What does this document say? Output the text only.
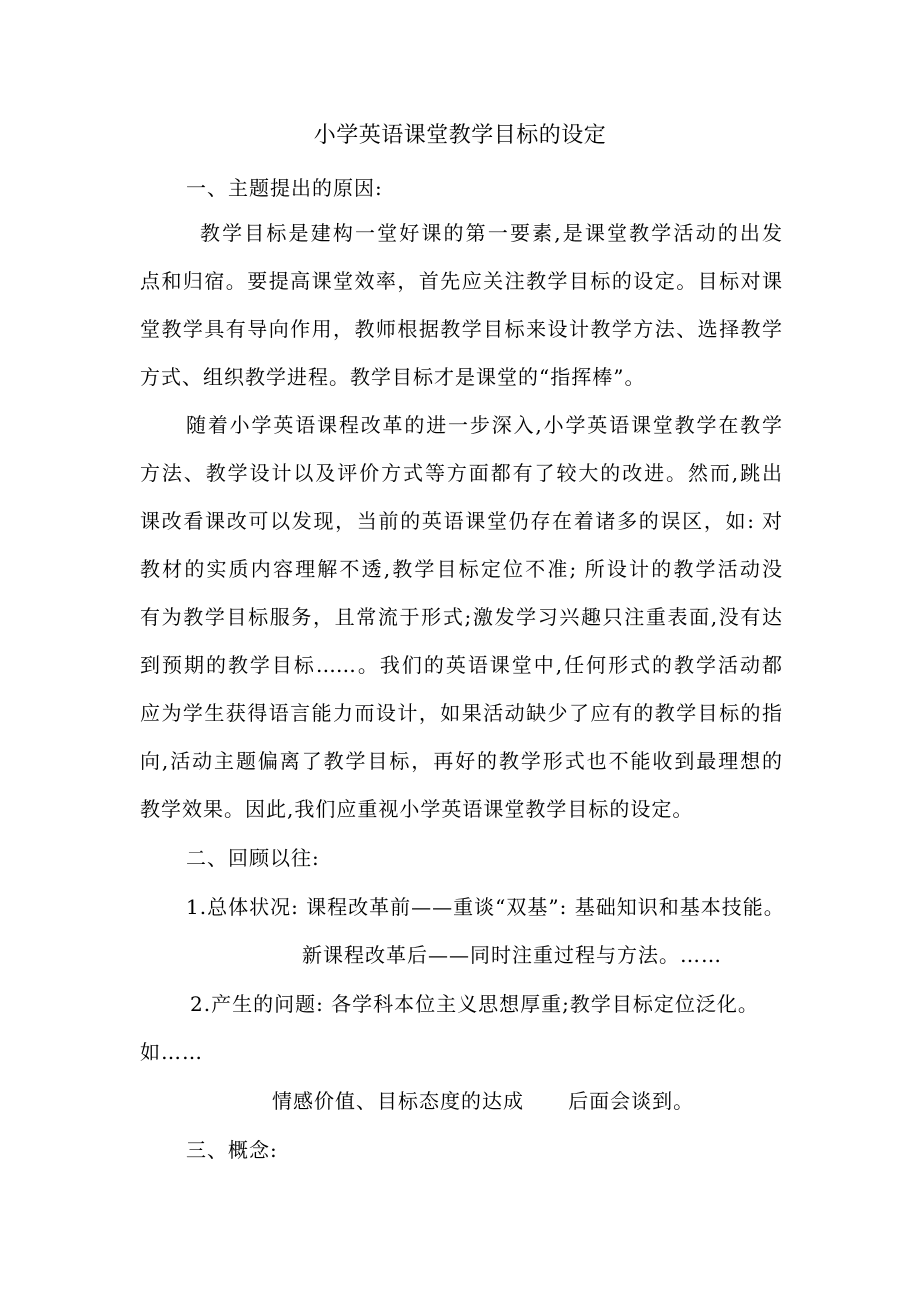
小学英语课堂教学目标的设定
一、主题提出的原因:
教学目标是建构一堂好课的第一要素,是课堂教学活动的出发
点和归宿。要提高课堂效率，首先应关注教学目标的设定。目标对课
堂教学具有导向作用，教师根据教学目标来设计教学方法、选择教学
方式、组织教学进程。教学目标才是课堂的“指挥棒”。
随着小学英语课程改革的进一步深入,小学英语课堂教学在教学
方法、教学设计以及评价方式等方面都有了较大的改进。然而,跳出
课改看课改可以发现，当前的英语课堂仍存在着诸多的误区，如: 对
教材的实质内容理解不透,教学目标定位不准; 所设计的教学活动没
有为教学目标服务，且常流于形式;激发学习兴趣只注重表面,没有达
到预期的教学目标……。我们的英语课堂中,任何形式的教学活动都
应为学生获得语言能力而设计，如果活动缺少了应有的教学目标的指
向,活动主题偏离了教学目标，再好的教学形式也不能收到最理想的
教学效果。因此,我们应重视小学英语课堂教学目标的设定。
二、回顾以往:
1.总体状况: 课程改革前——重谈“双基”: 基础知识和基本技能。
新课程改革后——同时注重过程与方法。……
2.产生的问题: 各学科本位主义思想厚重;教学目标定位泛化。
如……
情感价值、目标态度的达成      后面会谈到。
三、概念:
